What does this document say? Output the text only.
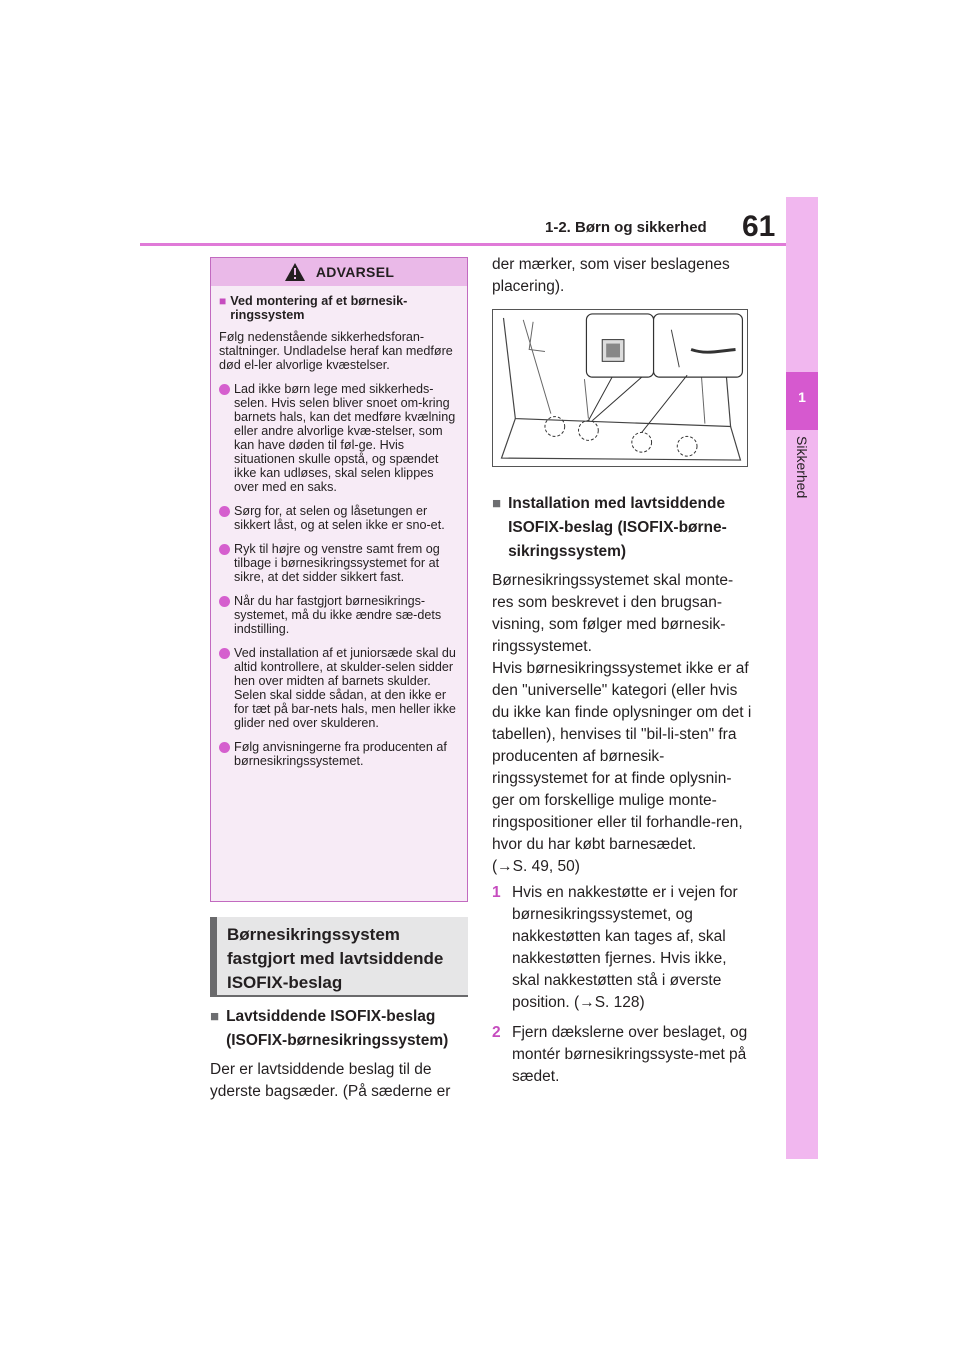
1-2. Børn og sikkerhed 61
1
Sikkerhed
ADVARSEL
■ Ved montering af et børnesik-ringssystem

Følg nedenstående sikkerhedsforan-staltninger. Undladelse heraf kan medføre død el-ler alvorlige kvæstelser.

Lad ikke børn lege med sikkerheds-selen. Hvis selen bliver snoet om-kring barnets hals, kan det medføre kvælning eller andre alvorlige kvæ-stelser, som kan have døden til føl-ge. Hvis situationen skulle opstå, og spændet ikke kan udløses, skal selen klippes over med en saks.
Sørg for, at selen og låsetungen er sikkert låst, og at selen ikke er sno-et.
Ryk til højre og venstre samt frem og tilbage i børnesikringssystemet for at sikre, at det sidder sikkert fast.
Når du har fastgjort børnesikrings-systemet, må du ikke ændre sæ-dets indstilling.
Ved installation af et juniorsæde skal du altid kontrollere, at skulder-selen sidder hen over midten af barnets skulder. Selen skal sidde sådan, at den ikke er for tæt på bar-nets hals, men heller ikke glider ned over skulderen.
Følg anvisningerne fra producenten af børnesikringssystemet.
Børnesikringssystem fastgjort med lavtsiddende ISOFIX-beslag
■ Lavtsiddende ISOFIX-beslag (ISOFIX-børnesikringssystem)
Der er lavtsiddende beslag til de yderste bagsæder. (På sæderne er
der mærker, som viser beslagenes placering).
■ Installation med lavtsiddende ISOFIX-beslag (ISOFIX-børne-sikringssystem)
Børnesikringssystemet skal monte-res som beskrevet i den brugsan-visning, som følger med børnesik-ringssystemet.
Hvis børnesikringssystemet ikke er af den "universelle" kategori (eller hvis du ikke kan finde oplysninger om det i tabellen), henvises til "bil-li-sten" fra producenten af børnesik-ringssystemet for at finde oplysnin-ger om forskellige mulige monte-ringspositioner eller til forhandle-ren, hvor du har købt barnesædet.
(→S. 49, 50)
1 Hvis en nakkestøtte er i vejen for børnesikringssystemet, og nakkestøtten kan tages af, skal nakkestøtten fjernes. Hvis ikke, skal nakkestøtten stå i øverste position. (→S. 128)
2 Fjern dækslerne over beslaget, og montér børnesikringssyste-met på sædet.
